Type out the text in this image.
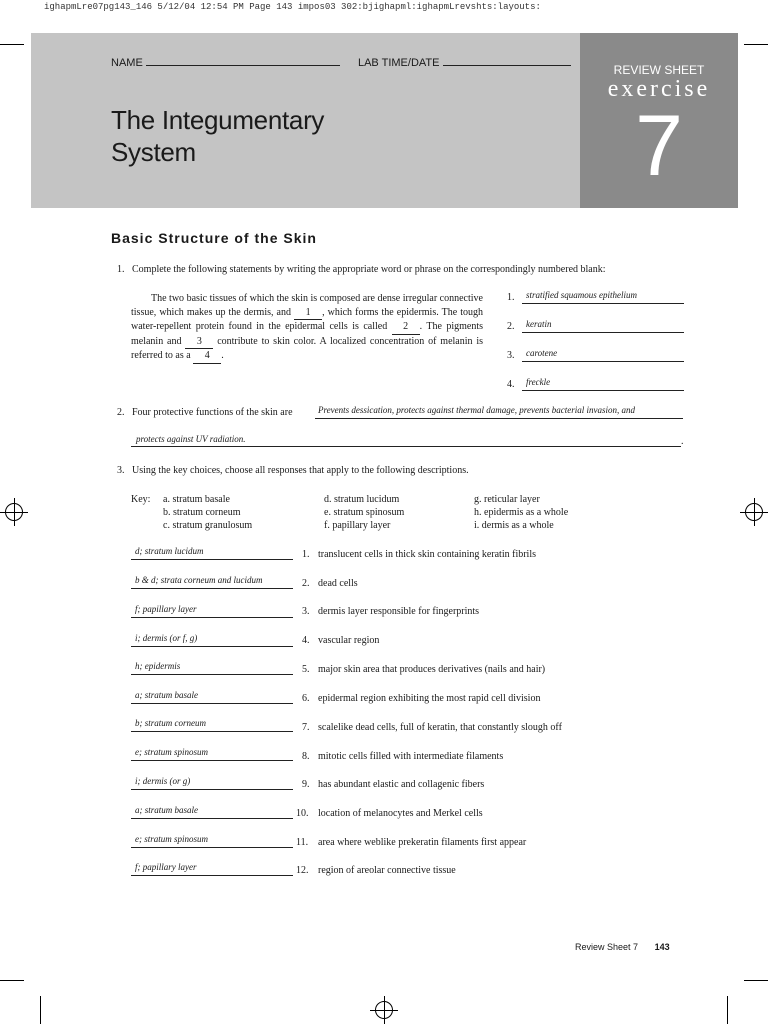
ighapmLre07pg143_146 5/12/04 12:54 PM Page 143 impos03 302:bjighapml:ighapmLrevshts:layouts:
NAME	LAB TIME/DATE
The Integumentary
System
REVIEW SHEET
exercise
7
Basic Structure of the Skin
1. Complete the following statements by writing the appropriate word or phrase on the correspondingly numbered blank:
The two basic tissues of which the skin is composed are dense irregular connective tissue, which makes up the dermis, and 1 , which forms the epidermis. The tough water-repellent protein found in the epidermal cells is called 2 . The pigments melanin and 3 contribute to skin color. A localized concentration of melanin is referred to as a 4 .
1. stratified squamous epithelium
2. keratin
3. carotene
4. freckle
2. Four protective functions of the skin are	Prevents dessication, protects against thermal damage, prevents bacterial invasion, and
protects against UV radiation.	.
3. Using the key choices, choose all responses that apply to the following descriptions.
Key: a. stratum basale
b. stratum corneum
c. stratum granulosum
d. stratum lucidum
e. stratum spinosum
f. papillary layer
g. reticular layer
h. epidermis as a whole
i. dermis as a whole
d; stratum lucidum	1. translucent cells in thick skin containing keratin fibrils
b & d; strata corneum and lucidum	2. dead cells
f; papillary layer	3. dermis layer responsible for fingerprints
i; dermis (or f, g)	4. vascular region
h; epidermis	5. major skin area that produces derivatives (nails and hair)
a; stratum basale	6. epidermal region exhibiting the most rapid cell division
b; stratum corneum	7. scalelike dead cells, full of keratin, that constantly slough off
e; stratum spinosum	8. mitotic cells filled with intermediate filaments
i; dermis (or g)	9. has abundant elastic and collagenic fibers
a; stratum basale	10. location of melanocytes and Merkel cells
e; stratum spinosum	11. area where weblike prekeratin filaments first appear
f; papillary layer	12. region of areolar connective tissue
Review Sheet 7 143
